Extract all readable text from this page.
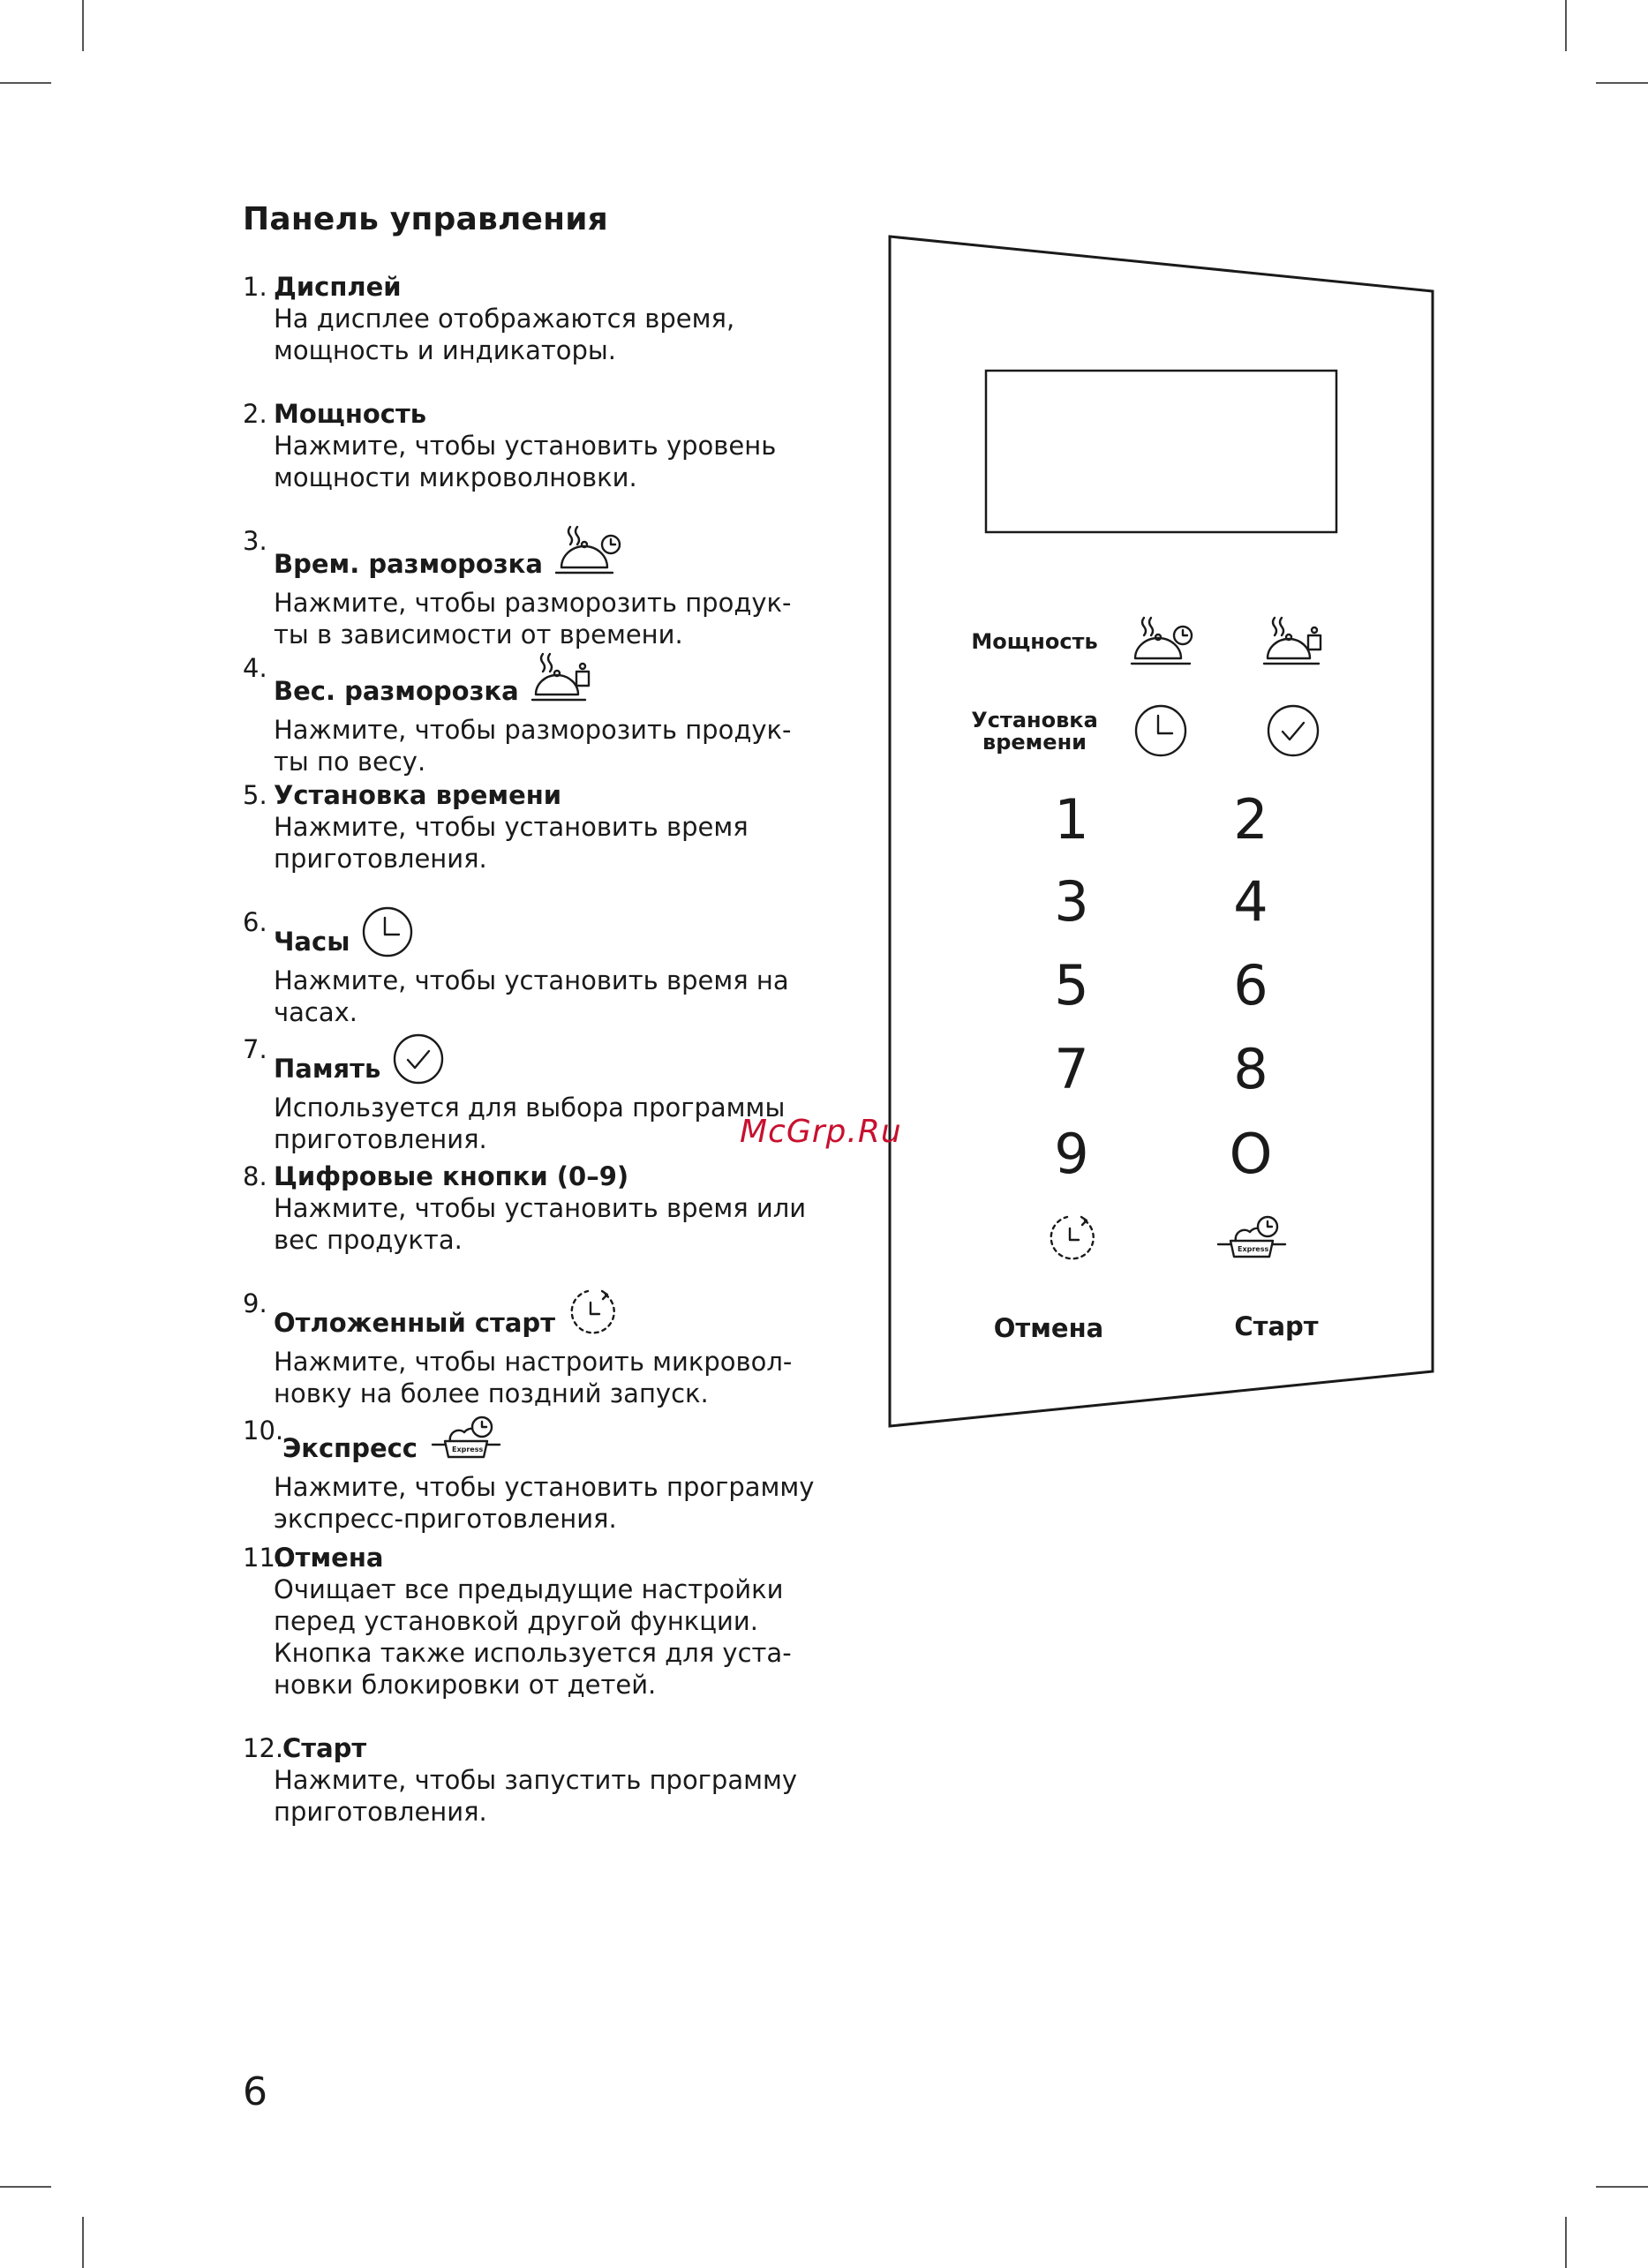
Панель управления
1. Дисплей
На дисплее отображаются время,
мощность и индикаторы.
2. Мощность
Нажмите, чтобы установить уровень
мощности микроволновки.
3.
Врем. разморозка
Нажмите, чтобы разморозить продук-
ты в зависимости от времени.
4.
Вес. разморозка
Нажмите, чтобы разморозить продук-
ты по весу.
5. Установка времени
Нажмите, чтобы установить время
приготовления.
6.
Часы
Нажмите, чтобы установить время на
часах.
7.
Память
Используется для выбора программы
приготовления.
8. Цифровые кнопки (0–9)
Нажмите, чтобы установить время или
вес продукта.
9.
Отложенный старт
Нажмите, чтобы настроить микровол-
новку на более поздний запуск.
10.
Экспресс	Express
Нажмите, чтобы установить программу
экспресс-приготовления.
11.
Отмена
Очищает все предыдущие настройки
перед установкой другой функции.
Кнопка также используется для уста-
новки блокировки от детей.
12.
Старт
Нажмите, чтобы запустить программу
приготовления.
6
Мощность
Установка
времени
1	2
3	4
5	6
7	8
9	O
Express
Отмена	Старт
McGrp.Ru
